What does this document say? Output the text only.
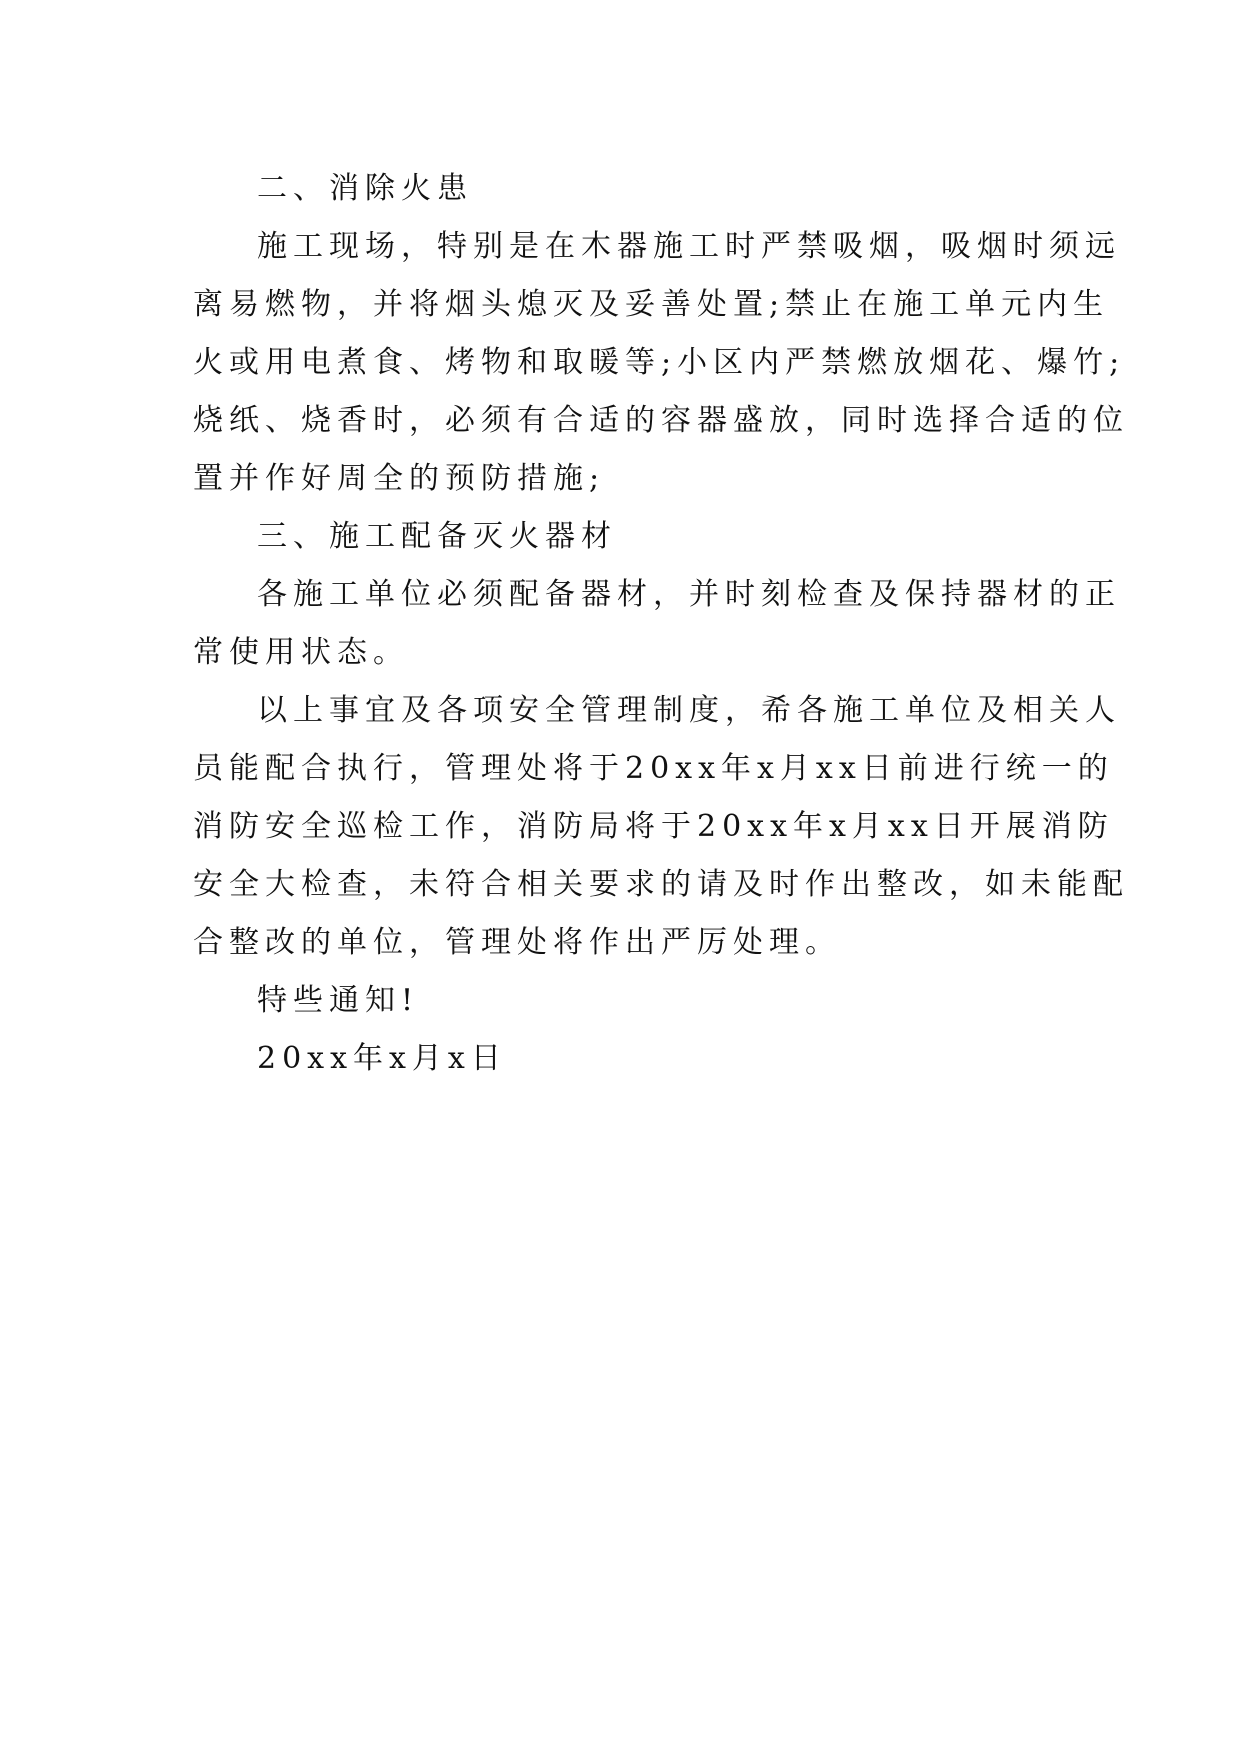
二、消除火患
施工现场，特别是在木器施工时严禁吸烟，吸烟时须远
离易燃物，并将烟头熄灭及妥善处置;禁止在施工单元内生
火或用电煮食、烤物和取暖等;小区内严禁燃放烟花、爆竹;
烧纸、烧香时，必须有合适的容器盛放，同时选择合适的位
置并作好周全的预防措施;
三、施工配备灭火器材
各施工单位必须配备器材，并时刻检查及保持器材的正
常使用状态。
以上事宜及各项安全管理制度，希各施工单位及相关人
员能配合执行，管理处将于20xx年x月xx日前进行统一的
消防安全巡检工作，消防局将于20xx年x月xx日开展消防
安全大检查，未符合相关要求的请及时作出整改，如未能配
合整改的单位，管理处将作出严厉处理。
特些通知!
20xx年x月x日
